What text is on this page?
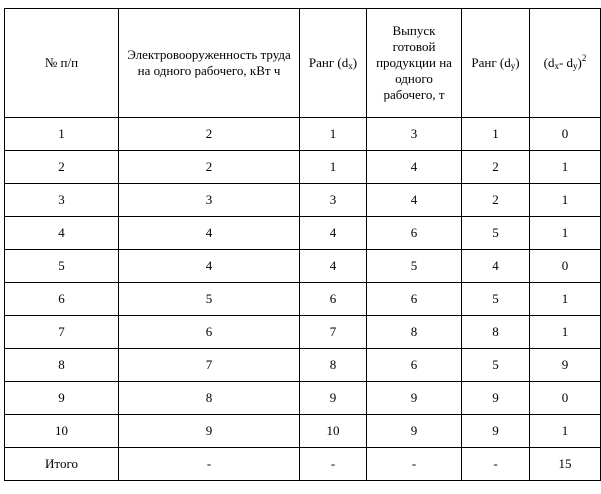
№ п/п	Электровооруженность труда на одного рабочего, кВт ч	Ранг $(d_x)$	Выпуск готовой продукции на одного рабочего, т	Ранг $(d_y)$	($d_x-$ $d_y)^2$
1	2	1	3	1	0
2	2	1	4	2	1
3	3	3	4	2	1
4	4	4	6	5	1
5	4	4	5	4	0
6	5	6	6	5	1
7	6	7	8	8	1
8	7	8	6	5	9
9	8	9	9	9	0
10	9	10	9	9	1
Итого	-	-	-	-	15
